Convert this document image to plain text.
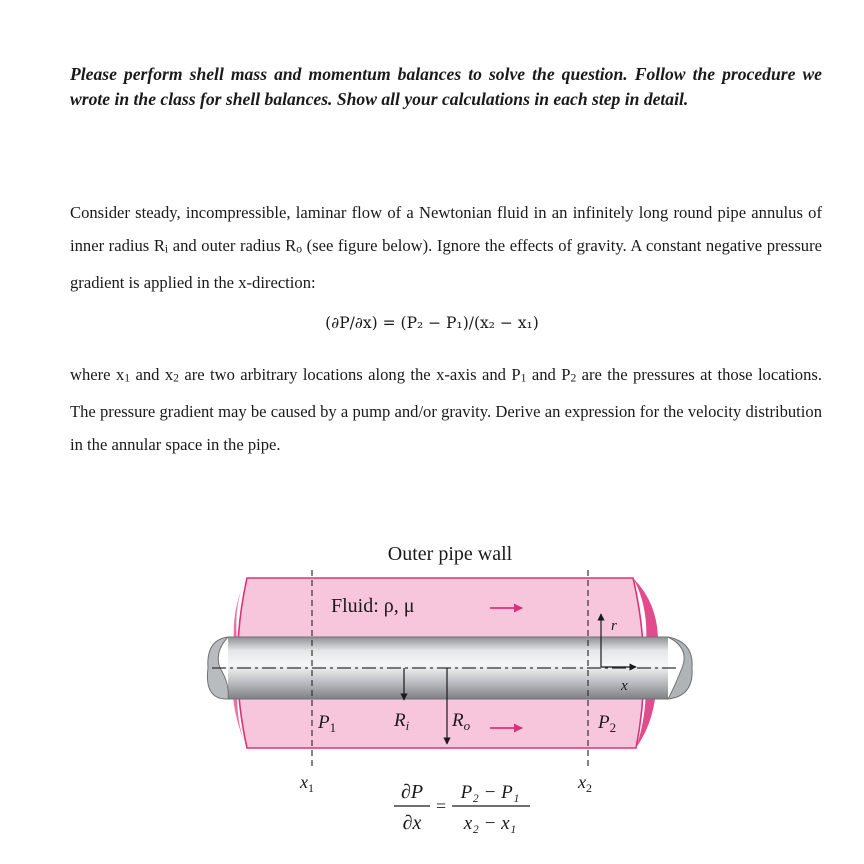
Please perform shell mass and momentum balances to solve the question. Follow the procedure we wrote in the class for shell balances. Show all your calculations in each step in detail.

Consider steady, incompressible, laminar flow of a Newtonian fluid in an infinitely long round pipe annulus of inner radius Ri and outer radius Ro (see figure below). Ignore the effects of gravity. A constant negative pressure gradient is applied in the x-direction:

(∂P/∂x) = (P₂ − P₁)/(x₂ − x₁)

where x1 and x2 are two arbitrary locations along the x-axis and P1 and P2 are the pressures at those locations. The pressure gradient may be caused by a pump and/or gravity. Derive an expression for the velocity distribution in the annular space in the pipe.

Outer pipe wall
Fluid: ρ, μ
$P_1$	$P_2$
$R_i$ $R_o$
r
x
$x_1$	$x_2$
∂P
∂x
=
P₂ − P₁
x₂ − x₁
